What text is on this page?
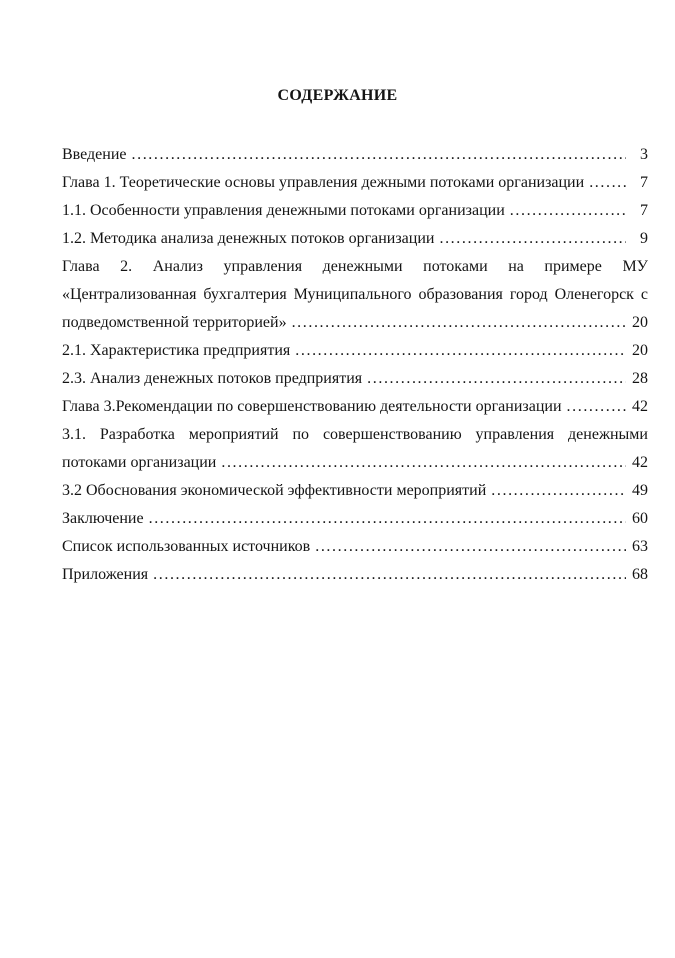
СОДЕРЖАНИЕ
Введение .....	3
Глава 1. Теоретические основы управления дежными потоками организации .....	7
1.1. Особенности управления денежными потоками организации .....	7
1.2. Методика анализа денежных потоков организации .....	9
Глава 2. Анализ управления денежными потоками на примере МУ
«Централизованная бухгалтерия Муниципального образования город Оленегорск с
подведомственной территорией» .....	20
2.1. Характеристика предприятия .....	20
2.3. Анализ денежных потоков предприятия .....	28
Глава 3.Рекомендации по совершенствованию деятельности организации .....	42
3.1. Разработка мероприятий по совершенствованию управления денежными
потоками организации .....	42
3.2 Обоснования экономической эффективности мероприятий .....	49
Заключение .....	60
Список использованных источников .....	63
Приложения .....	68
